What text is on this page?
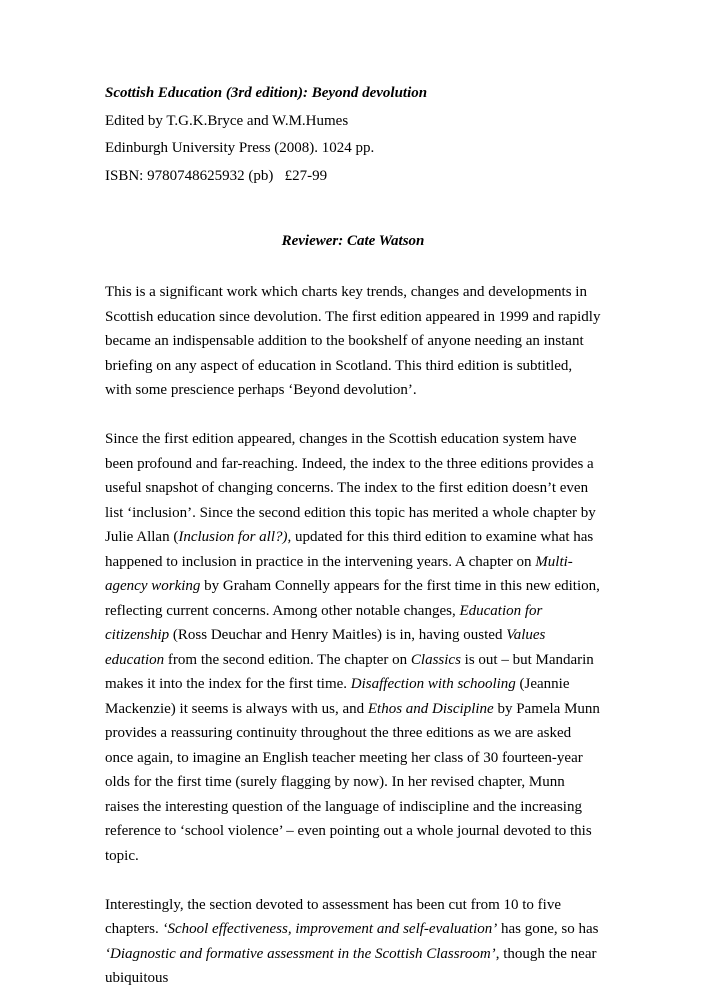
Scottish Education (3rd edition): Beyond devolution

Edited by T.G.K.Bryce and W.M.Humes

Edinburgh University Press (2008). 1024 pp.

ISBN: 9780748625932 (pb)   £27-99

Reviewer: Cate Watson

This is a significant work which charts key trends, changes and developments in Scottish education since devolution. The first edition appeared in 1999 and rapidly became an indispensable addition to the bookshelf of anyone needing an instant briefing on any aspect of education in Scotland. This third edition is subtitled, with some prescience perhaps ‘Beyond devolution’.

Since the first edition appeared, changes in the Scottish education system have been profound and far-reaching. Indeed, the index to the three editions provides a useful snapshot of changing concerns. The index to the first edition doesn’t even list ‘inclusion’. Since the second edition this topic has merited a whole chapter by Julie Allan (Inclusion for all?), updated for this third edition to examine what has happened to inclusion in practice in the intervening years. A chapter on Multi-agency working by Graham Connelly appears for the first time in this new edition, reflecting current concerns. Among other notable changes, Education for citizenship (Ross Deuchar and Henry Maitles) is in, having ousted Values education from the second edition. The chapter on Classics is out – but Mandarin makes it into the index for the first time. Disaffection with schooling (Jeannie Mackenzie) it seems is always with us, and Ethos and Discipline by Pamela Munn provides a reassuring continuity throughout the three editions as we are asked once again, to imagine an English teacher meeting her class of 30 fourteen-year olds for the first time (surely flagging by now). In her revised chapter, Munn raises the interesting question of the language of indiscipline and the increasing reference to ‘school violence’ – even pointing out a whole journal devoted to this topic.

Interestingly, the section devoted to assessment has been cut from 10 to five chapters. ‘School effectiveness, improvement and self-evaluation’ has gone, so has ‘Diagnostic and formative assessment in the Scottish Classroom’, though the near ubiquitous
